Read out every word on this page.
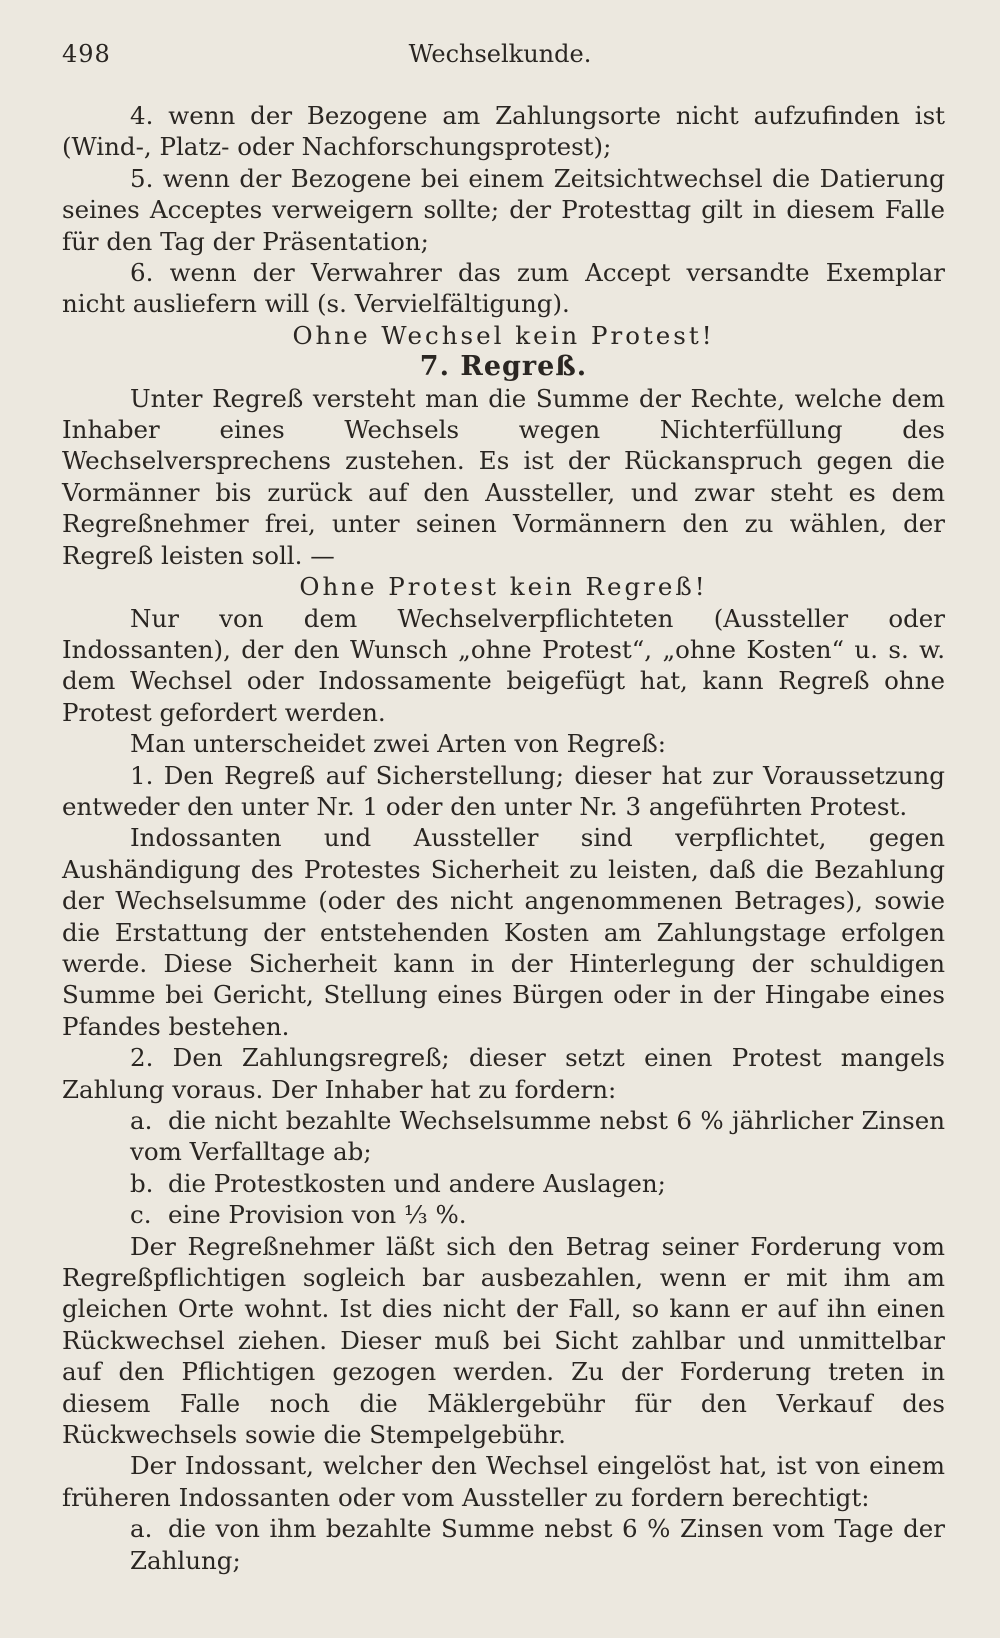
498	Wechselkunde.

4. wenn der Bezogene am Zahlungsorte nicht aufzufinden ist (Wind-, Platz- oder Nachforschungsprotest);

5. wenn der Bezogene bei einem Zeitsichtwechsel die Datierung seines Acceptes verweigern sollte; der Protesttag gilt in diesem Falle für den Tag der Präsentation;

6. wenn der Verwahrer das zum Accept versandte Exemplar nicht ausliefern will (s. Vervielfältigung).

Ohne Wechsel kein Protest!

7. Regreß.

Unter Regreß versteht man die Summe der Rechte, welche dem Inhaber eines Wechsels wegen Nichterfüllung des Wechselversprechens zustehen. Es ist der Rückanspruch gegen die Vormänner bis zurück auf den Aussteller, und zwar steht es dem Regreßnehmer frei, unter seinen Vormännern den zu wählen, der Regreß leisten soll. —

Ohne Protest kein Regreß!

Nur von dem Wechselverpflichteten (Aussteller oder Indossanten), der den Wunsch „ohne Protest“, „ohne Kosten“ u. s. w. dem Wechsel oder Indossamente beigefügt hat, kann Regreß ohne Protest gefordert werden.

Man unterscheidet zwei Arten von Regreß:

1. Den Regreß auf Sicherstellung; dieser hat zur Voraussetzung entweder den unter Nr. 1 oder den unter Nr. 3 angeführten Protest.

Indossanten und Aussteller sind verpflichtet, gegen Aushändigung des Protestes Sicherheit zu leisten, daß die Bezahlung der Wechselsumme (oder des nicht angenommenen Betrages), sowie die Erstattung der entstehenden Kosten am Zahlungstage erfolgen werde. Diese Sicherheit kann in der Hinterlegung der schuldigen Summe bei Gericht, Stellung eines Bürgen oder in der Hingabe eines Pfandes bestehen.

2. Den Zahlungsregreß; dieser setzt einen Protest mangels Zahlung voraus. Der Inhaber hat zu fordern:

a. die nicht bezahlte Wechselsumme nebst 6 % jährlicher Zinsen vom Verfalltage ab;

b. die Protestkosten und andere Auslagen;

c. eine Provision von ⅓ %.

Der Regreßnehmer läßt sich den Betrag seiner Forderung vom Regreßpflichtigen sogleich bar ausbezahlen, wenn er mit ihm am gleichen Orte wohnt. Ist dies nicht der Fall, so kann er auf ihn einen Rückwechsel ziehen. Dieser muß bei Sicht zahlbar und unmittelbar auf den Pflichtigen gezogen werden. Zu der Forderung treten in diesem Falle noch die Mäklergebühr für den Verkauf des Rückwechsels sowie die Stempelgebühr.

Der Indossant, welcher den Wechsel eingelöst hat, ist von einem früheren Indossanten oder vom Aussteller zu fordern berechtigt:

a. die von ihm bezahlte Summe nebst 6 % Zinsen vom Tage der Zahlung;
